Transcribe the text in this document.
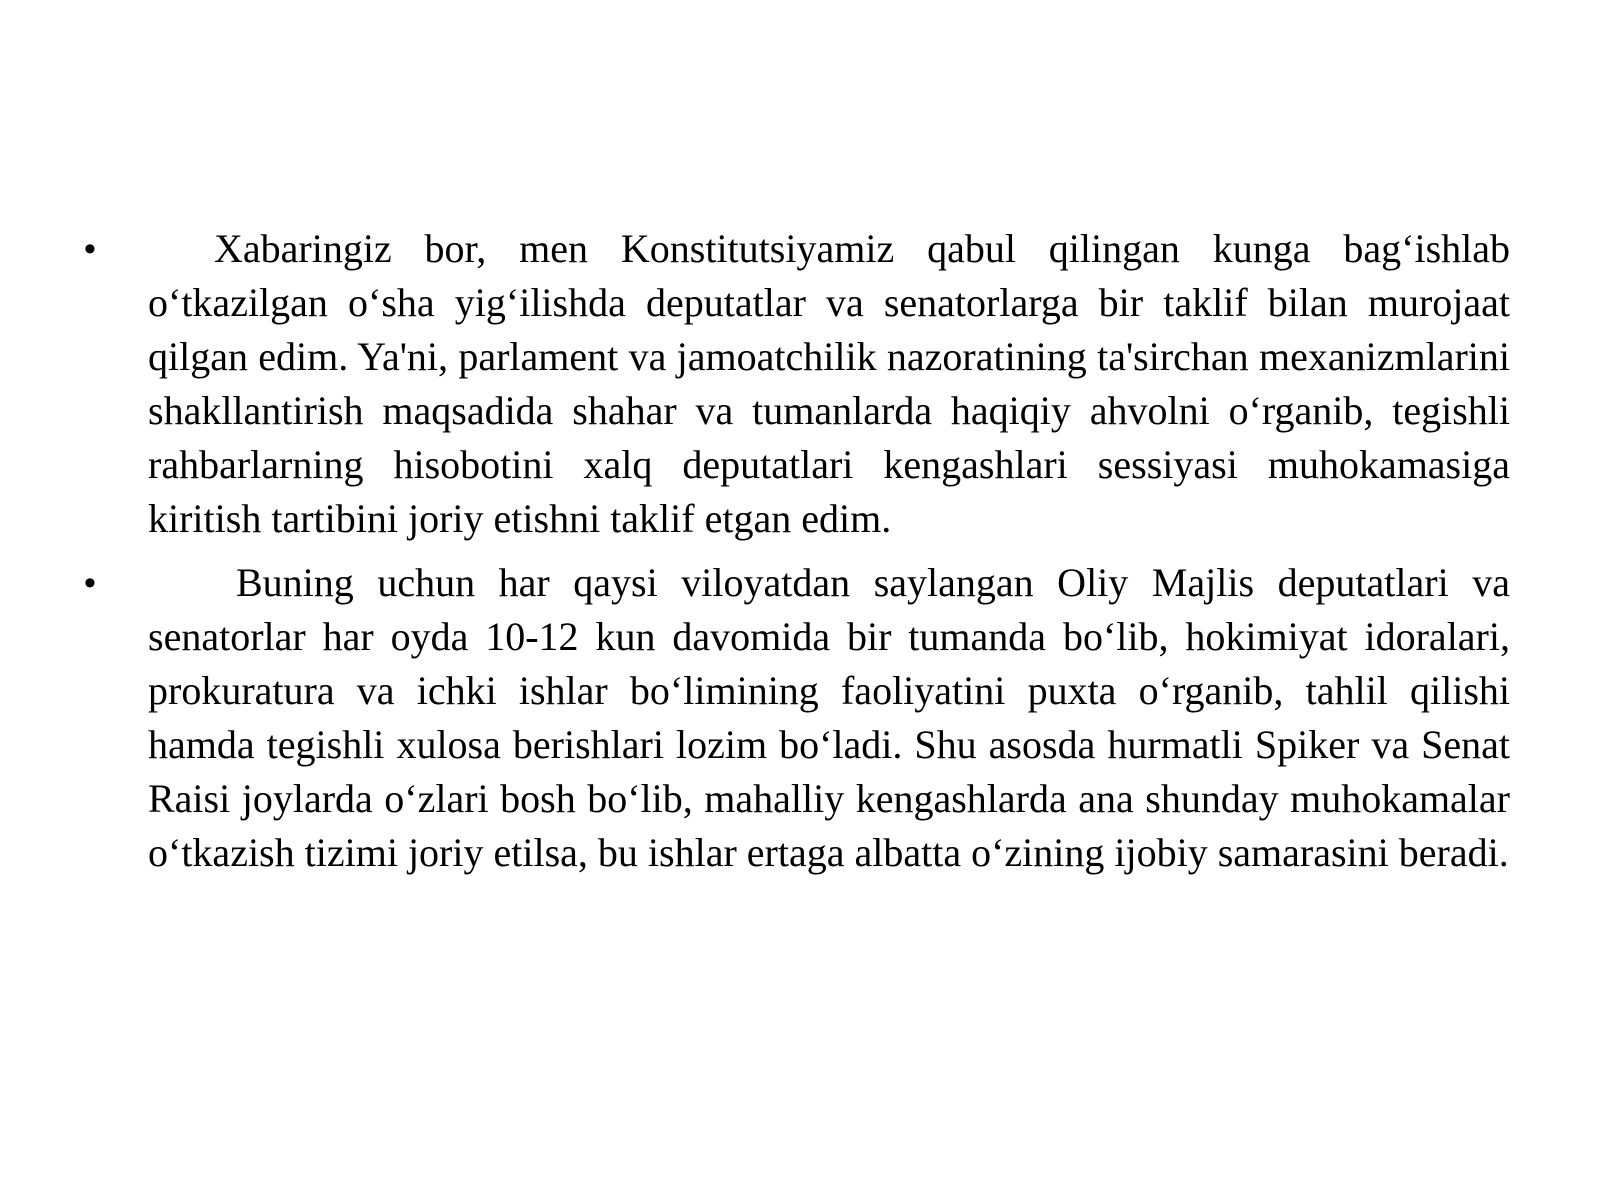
•	Xabaringiz bor, men Konstitutsiyamiz qabul qilingan kunga bag‘ishlab o‘tkazilgan o‘sha yig‘ilishda deputatlar va senatorlarga bir taklif bilan murojaat qilgan edim. Ya'ni, parlament va jamoatchilik nazoratining ta'sirchan mexanizmlarini shakllantirish maqsadida shahar va tumanlarda haqiqiy ahvolni o‘rganib, tegishli rahbarlarning hisobotini xalq deputatlari kengashlari sessiyasi muhokamasiga kiritish tartibini joriy etishni taklif etgan edim.

•	Buning uchun har qaysi viloyatdan saylangan Oliy Majlis deputatlari va senatorlar har oyda 10-12 kun davomida bir tumanda bo‘lib, hokimiyat idoralari, prokuratura va ichki ishlar bo‘limining faoliyatini puxta o‘rganib, tahlil qilishi hamda tegishli xulosa berishlari lozim bo‘ladi. Shu asosda hurmatli Spiker va Senat Raisi joylarda o‘zlari bosh bo‘lib, mahalliy kengashlarda ana shunday muhokamalar o‘tkazish tizimi joriy etilsa, bu ishlar ertaga albatta o‘zining ijobiy samarasini beradi.
